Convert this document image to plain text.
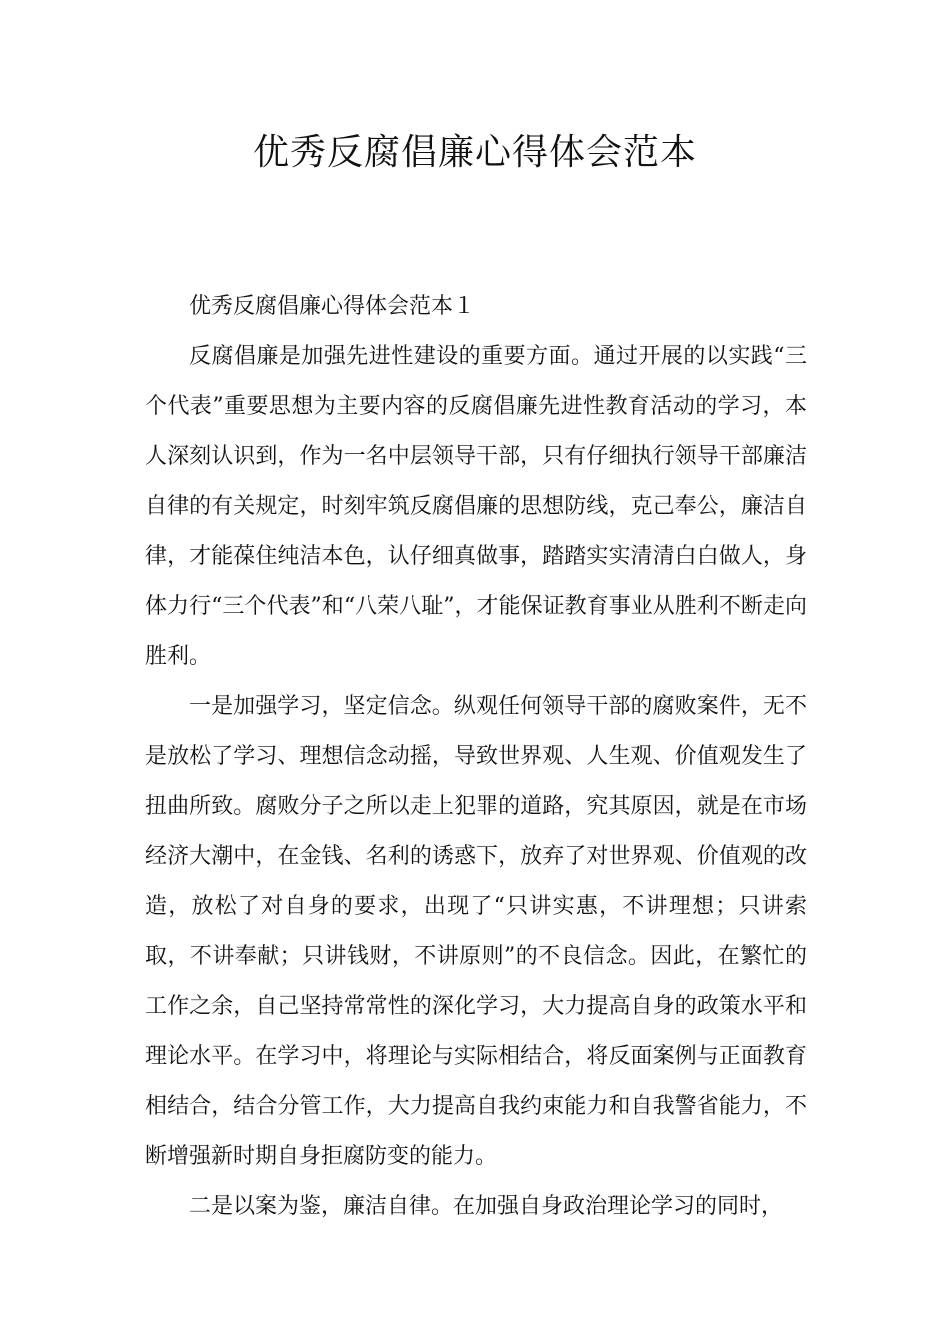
优秀反腐倡廉心得体会范本

优秀反腐倡廉心得体会范本１

反腐倡廉是加强先进性建设的重要方面。通过开展的以实践“三个代表”重要思想为主要内容的反腐倡廉先进性教育活动的学习，本人深刻认识到，作为一名中层领导干部，只有仔细执行领导干部廉洁自律的有关规定，时刻牢筑反腐倡廉的思想防线，克己奉公，廉洁自律，才能葆住纯洁本色，认仔细真做事，踏踏实实清清白白做人，身体力行“三个代表”和“八荣八耻”，才能保证教育事业从胜利不断走向胜利。

一是加强学习，坚定信念。纵观任何领导干部的腐败案件，无不是放松了学习、理想信念动摇，导致世界观、人生观、价值观发生了扭曲所致。腐败分子之所以走上犯罪的道路，究其原因，就是在市场经济大潮中，在金钱、名利的诱惑下，放弃了对世界观、价值观的改造，放松了对自身的要求，出现了“只讲实惠，不讲理想；只讲索取，不讲奉献；只讲钱财，不讲原则”的不良信念。因此，在繁忙的工作之余，自己坚持常常性的深化学习，大力提高自身的政策水平和理论水平。在学习中，将理论与实际相结合，将反面案例与正面教育相结合，结合分管工作，大力提高自我约束能力和自我警省能力，不断增强新时期自身拒腐防变的能力。

二是以案为鉴，廉洁自律。在加强自身政治理论学习的同时，
